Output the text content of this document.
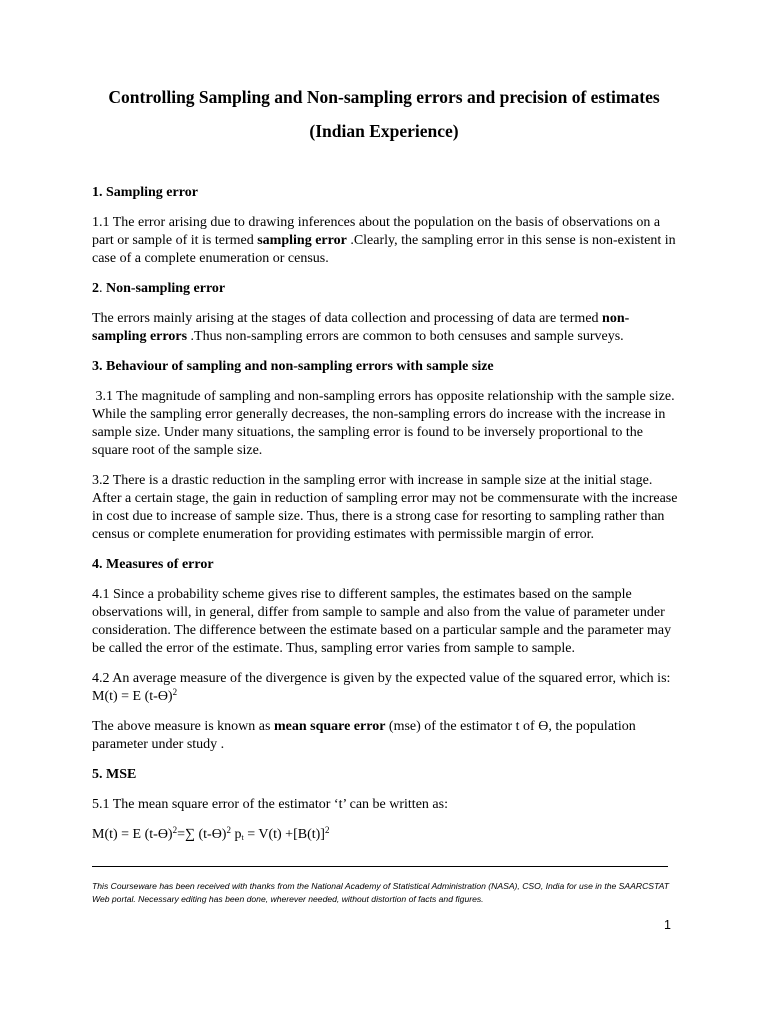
Controlling Sampling and Non-sampling errors and precision of estimates
(Indian Experience)

1. Sampling error

1.1 The error arising due to drawing inferences about the population on the basis of observations on a part or sample of it is termed sampling error .Clearly, the sampling error in this sense is non-existent in case of a complete enumeration or census.

2. Non-sampling error

The errors mainly arising at the stages of data collection and processing of data are termed non-sampling errors .Thus non-sampling errors are common to both censuses and sample surveys.

3. Behaviour of sampling and non-sampling errors with sample size

3.1 The magnitude of sampling and non-sampling errors has opposite relationship with the sample size. While the sampling error generally decreases, the non-sampling errors do increase with the increase in sample size. Under many situations, the sampling error is found to be inversely proportional to the square root of the sample size.

3.2 There is a drastic reduction in the sampling error with increase in sample size at the initial stage. After a certain stage, the gain in reduction of sampling error may not be commensurate with the increase in cost due to increase of sample size. Thus, there is a strong case for resorting to sampling rather than census or complete enumeration for providing estimates with permissible margin of error.

4. Measures of error

4.1 Since a probability scheme gives rise to different samples, the estimates based on the sample observations will, in general, differ from sample to sample and also from the value of parameter under consideration. The difference between the estimate based on a particular sample and the parameter may be called the error of the estimate. Thus, sampling error varies from sample to sample.

4.2 An average measure of the divergence is given by the expected value of the squared error, which is: M(t) = E $(t-Ө)^2$

The above measure is known as mean square error (mse) of the estimator t of Ө, the population parameter under study .

5. MSE

5.1 The mean square error of the estimator ‘t’ can be written as:

M(t) = E $(t-Ө)^2=\sum$ $(t-Ө)^2$ $p_t = V(t) +[B(t)]^2$

This Courseware has been received with thanks from the National Academy of Statistical Administration (NASA), CSO, India for use in the SAARCSTAT Web portal. Necessary editing has been done, wherever needed, without distortion of facts and figures.
1
